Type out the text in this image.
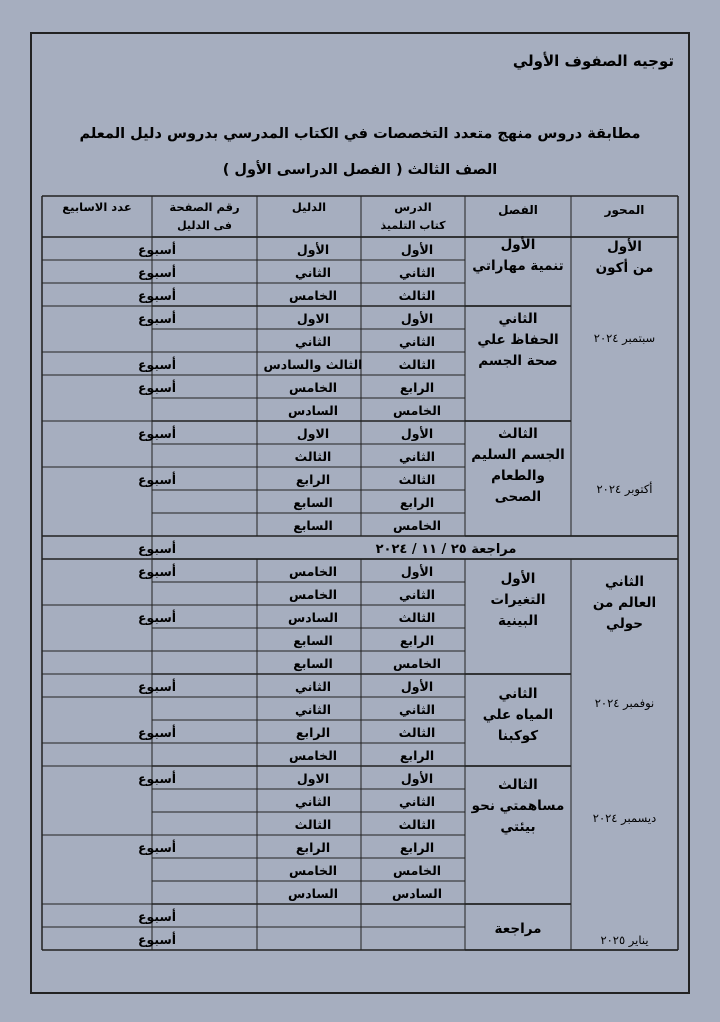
توجيه الصفوف الأولي
مطابقة دروس منهج متعدد التخصصات في الكتاب المدرسي بدروس دليل المعلم
الصف الثالث ( الفصل الدراسى الأول )
المحور
الفصل
الدرس
كتاب التلميذ
الدليل
رقم الصفحة
فى الدليل
عدد الاسابيع
الأول
الأول
أسبوع
الثاني
الثاني
أسبوع
الثالث
الخامس
أسبوع
الأول
الاول
أسبوع
الثاني
الثاني
الثالث
الثالث والسادس
أسبوع
الرابع
الخامس
أسبوع
الخامس
السادس
الأول
الاول
أسبوع
الثاني
الثالث
الثالث
الرابع
أسبوع
الرابع
السابع
الخامس
السابع
مراجعة ٢٥ / ١١ / ٢٠٢٤
أسبوع
الأول
الخامس
أسبوع
الثاني
الخامس
الثالث
السادس
أسبوع
الرابع
السابع
الخامس
السابع
الأول
الثاني
أسبوع
الثاني
الثاني
الثالث
الرابع
أسبوع
الرابع
الخامس
الأول
الاول
أسبوع
الثاني
الثاني
الثالث
الثالث
الرابع
الرابع
أسبوع
الخامس
الخامس
السادس
السادس
أسبوع
أسبوع
الأول
تنمية مهاراتي
الثاني
الحفاظ علي
صحة الجسم
الثالث
الجسم السليم
والطعام
الصحى
الأول
التغيرات
البينية
الثاني
المياه علي
كوكبنا
الثالث
مساهمتي نحو
بيئتي
مراجعة
الأول
من أكون
الثاني
العالم من
حولي
سبتمبر ٢٠٢٤
أكتوبر ٢٠٢٤
نوفمبر ٢٠٢٤
ديسمبر ٢٠٢٤
يناير ٢٠٢٥
